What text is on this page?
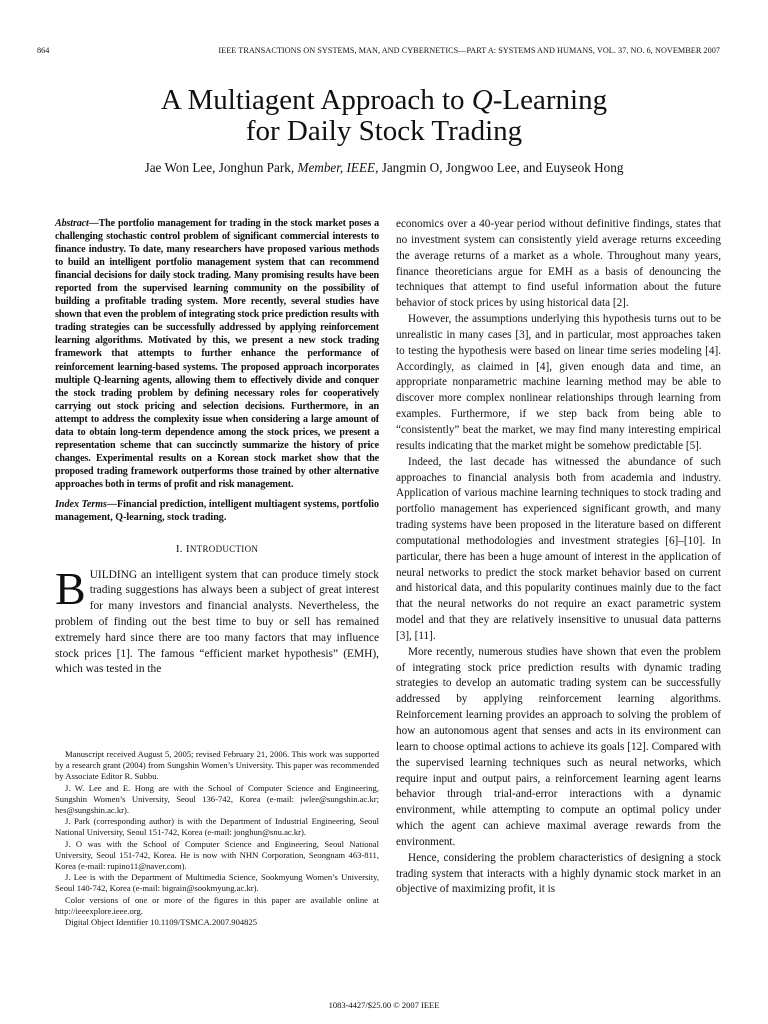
864	IEEE TRANSACTIONS ON SYSTEMS, MAN, AND CYBERNETICS—PART A: SYSTEMS AND HUMANS, VOL. 37, NO. 6, NOVEMBER 2007
A Multiagent Approach to Q-Learning
for Daily Stock Trading
Jae Won Lee, Jonghun Park, Member, IEEE, Jangmin O, Jongwoo Lee, and Euyseok Hong
Abstract—The portfolio management for trading in the stock market poses a challenging stochastic control problem of significant commercial interests to finance industry. To date, many researchers have proposed various methods to build an intelligent portfolio management system that can recommend financial decisions for daily stock trading. Many promising results have been reported from the supervised learning community on the possibility of building a profitable trading system. More recently, several studies have shown that even the problem of integrating stock price prediction results with trading strategies can be successfully addressed by applying reinforcement learning algorithms. Motivated by this, we present a new stock trading framework that attempts to further enhance the performance of reinforcement learning-based systems. The proposed approach incorporates multiple Q-learning agents, allowing them to effectively divide and conquer the stock trading problem by defining necessary roles for cooperatively carrying out stock pricing and selection decisions. Furthermore, in an attempt to address the complexity issue when considering a large amount of data to obtain long-term dependence among the stock prices, we present a representation scheme that can succinctly summarize the history of price changes. Experimental results on a Korean stock market show that the proposed trading framework outperforms those trained by other alternative approaches both in terms of profit and risk management.
Index Terms—Financial prediction, intelligent multiagent systems, portfolio management, Q-learning, stock trading.
I. INTRODUCTION
BUILDING an intelligent system that can produce timely stock trading suggestions has always been a subject of great interest for many investors and financial analysts. Nevertheless, the problem of finding out the best time to buy or sell has remained extremely hard since there are too many factors that may influence stock prices [1]. The famous “efficient market hypothesis” (EMH), which was tested in the

Manuscript received August 5, 2005; revised February 21, 2006. This work was supported by a research grant (2004) from Sungshin Women’s University. This paper was recommended by Associate Editor R. Subbu.

J. W. Lee and E. Hong are with the School of Computer Science and Engineering, Sungshin Women’s University, Seoul 136-742, Korea (e-mail: jwlee@sungshin.ac.kr; hes@sungshin.ac.kr).

J. Park (corresponding author) is with the Department of Industrial Engineering, Seoul National University, Seoul 151-742, Korea (e-mail: jonghun@snu.ac.kr).

J. O was with the School of Computer Science and Engineering, Seoul National University, Seoul 151-742, Korea. He is now with NHN Corporation, Seongnam 463-811, Korea (e-mail: rupino11@naver.com).

J. Lee is with the Department of Multimedia Science, Sookmyung Women’s University, Seoul 140-742, Korea (e-mail: bigrain@sookmyung.ac.kr).

Color versions of one or more of the figures in this paper are available online at http://ieeexplore.ieee.org.

Digital Object Identifier 10.1109/TSMCA.2007.904825

economics over a 40-year period without definitive findings, states that no investment system can consistently yield average returns exceeding the average returns of a market as a whole. Throughout many years, finance theoreticians argue for EMH as a basis of denouncing the techniques that attempt to find useful information about the future behavior of stock prices by using historical data [2].

However, the assumptions underlying this hypothesis turns out to be unrealistic in many cases [3], and in particular, most approaches taken to testing the hypothesis were based on linear time series modeling [4]. Accordingly, as claimed in [4], given enough data and time, an appropriate nonparametric machine learning method may be able to discover more complex nonlinear relationships through learning from examples. Furthermore, if we step back from being able to “consistently” beat the market, we may find many interesting empirical results indicating that the market might be somehow predictable [5].

Indeed, the last decade has witnessed the abundance of such approaches to financial analysis both from academia and industry. Application of various machine learning techniques to stock trading and portfolio management has experienced significant growth, and many trading systems have been proposed in the literature based on different computational methodologies and investment strategies [6]–[10]. In particular, there has been a huge amount of interest in the application of neural networks to predict the stock market behavior based on current and historical data, and this popularity continues mainly due to the fact that the neural networks do not require an exact parametric system model and that they are relatively insensitive to unusual data patterns [3], [11].

More recently, numerous studies have shown that even the problem of integrating stock price prediction results with dynamic trading strategies to develop an automatic trading system can be successfully addressed by applying reinforcement learning algorithms. Reinforcement learning provides an approach to solving the problem of how an autonomous agent that senses and acts in its environment can learn to choose optimal actions to achieve its goals [12]. Compared with the supervised learning techniques such as neural networks, which require input and output pairs, a reinforcement learning agent learns behavior through trial-and-error interactions with a dynamic environment, while attempting to compute an optimal policy under which the agent can achieve maximal average rewards from the environment.

Hence, considering the problem characteristics of designing a stock trading system that interacts with a highly dynamic stock market in an objective of maximizing profit, it is

1083-4427/$25.00 © 2007 IEEE
